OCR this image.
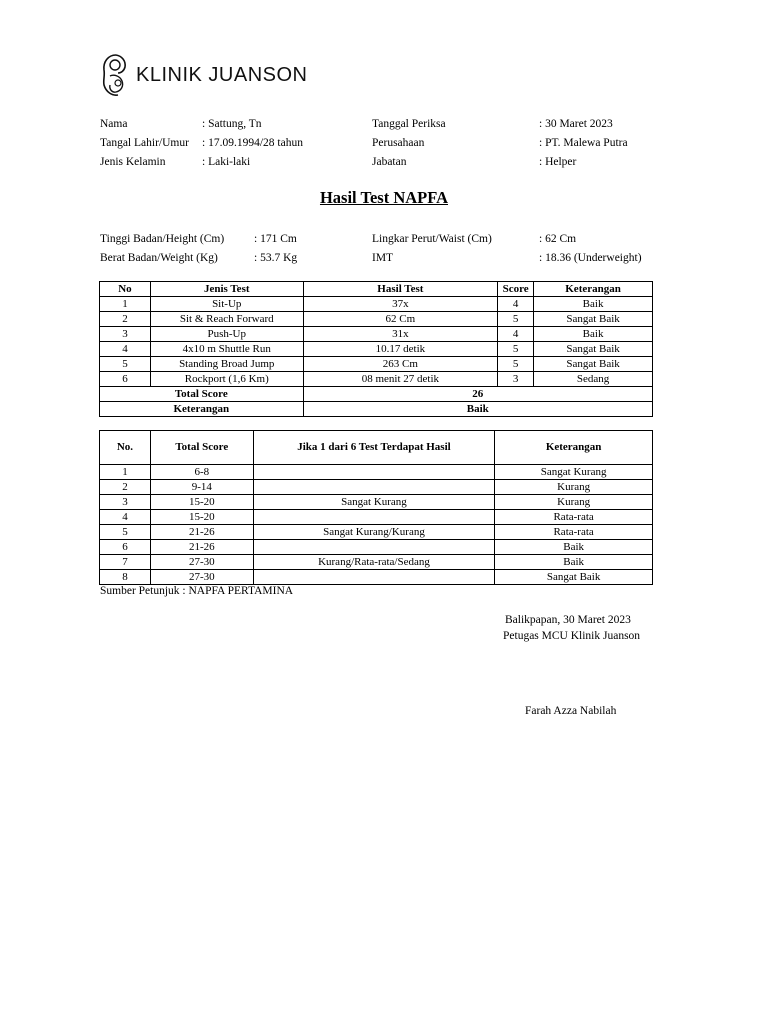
KLINIK JUANSON
Nama	: Sattung, Tn
Tangal Lahir/Umur	: 17.09.1994/28 tahun
Jenis Kelamin	: Laki-laki
Tanggal Periksa	: 30 Maret 2023
Perusahaan	: PT. Malewa Putra
Jabatan	: Helper
Hasil Test NAPFA
Tinggi Badan/Height (Cm)	: 171 Cm
Berat Badan/Weight (Kg)	: 53.7 Kg
Lingkar Perut/Waist (Cm)	: 62 Cm
IMT	: 18.36 (Underweight)
No	Jenis Test	Hasil Test	Score	Keterangan
1	Sit-Up	37x	4	Baik
2	Sit & Reach Forward	62 Cm	5	Sangat Baik
3	Push-Up	31x	4	Baik
4	4x10 m Shuttle Run	10.17 detik	5	Sangat Baik
5	Standing Broad Jump	263 Cm	5	Sangat Baik
6	Rockport (1,6 Km)	08 menit 27 detik	3	Sedang
Total Score		26		
Keterangan		Baik		
No.	Total Score	Jika 1 dari 6 Test Terdapat Hasil	Keterangan
1	6-8		Sangat Kurang
2	9-14		Kurang
3	15-20	Sangat Kurang	Kurang
4	15-20		Rata-rata
5	21-26	Sangat Kurang/Kurang	Rata-rata
6	21-26		Baik
7	27-30	Kurang/Rata-rata/Sedang	Baik
8	27-30		Sangat Baik
Sumber Petunjuk : NAPFA PERTAMINA
Balikpapan, 30 Maret 2023
Petugas MCU Klinik Juanson
Farah Azza Nabilah
